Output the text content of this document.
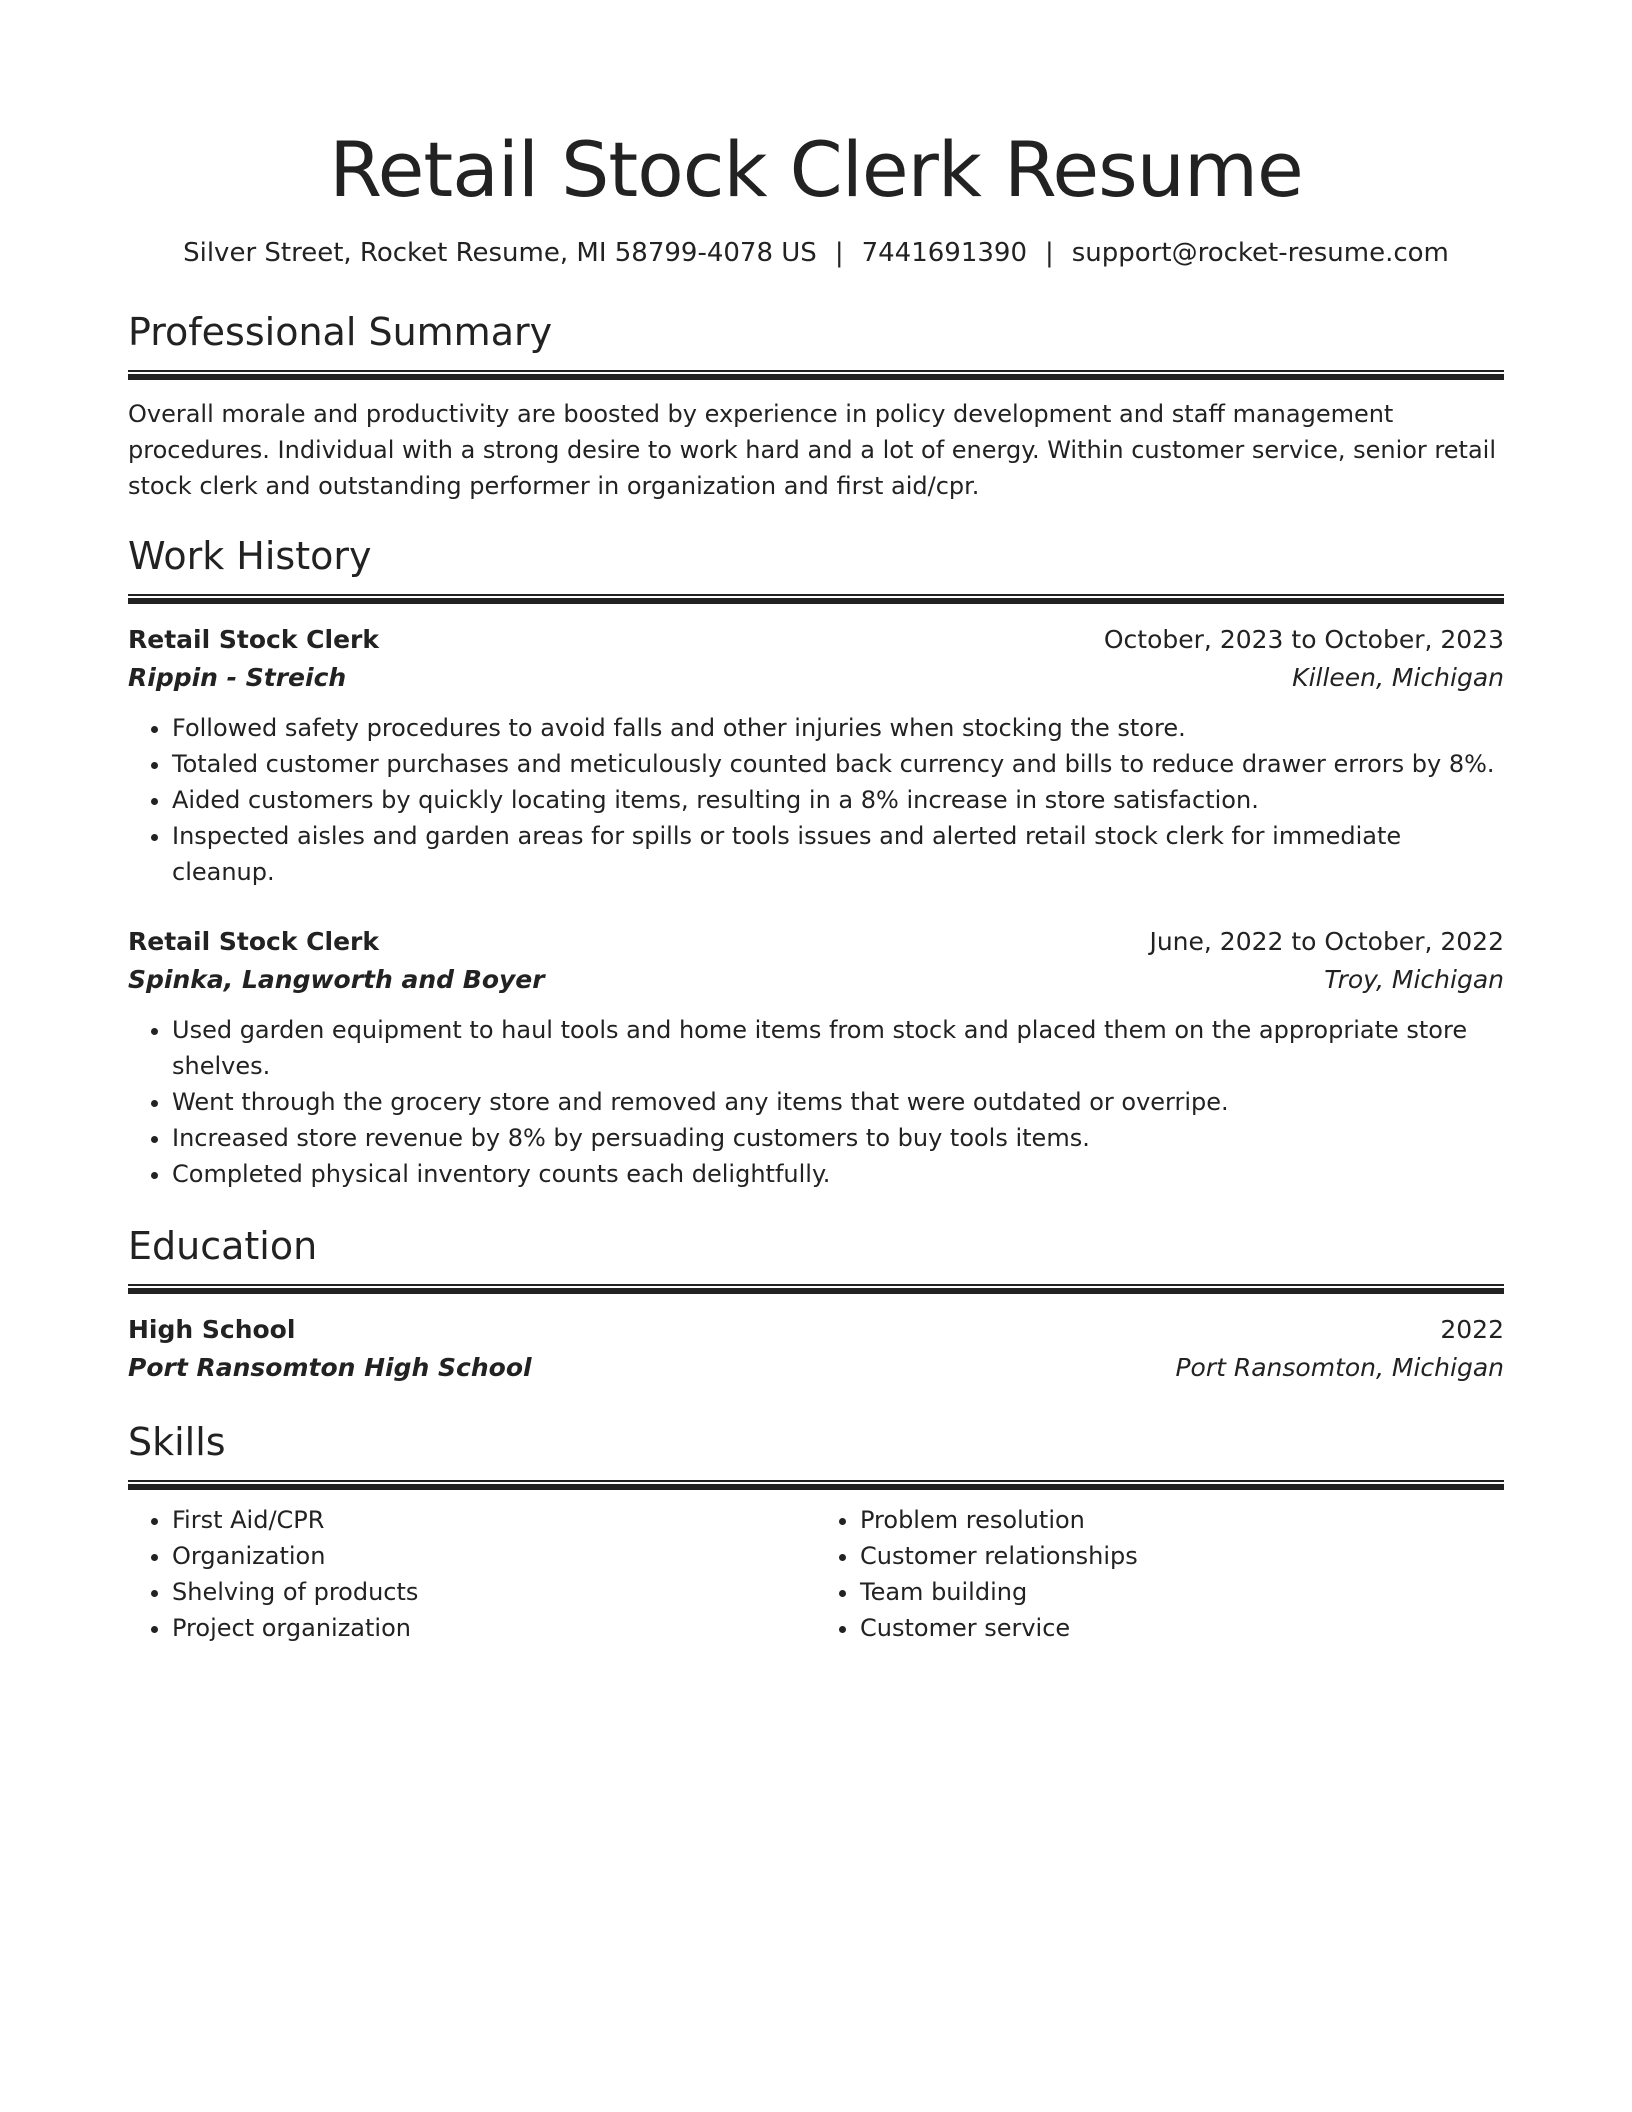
Retail Stock Clerk Resume
Silver Street, Rocket Resume, MI 58799-4078 US | 7441691390 | support@rocket-resume.com
Professional Summary
Overall morale and productivity are boosted by experience in policy development and staff management procedures. Individual with a strong desire to work hard and a lot of energy. Within customer service, senior retail stock clerk and outstanding performer in organization and first aid/cpr.
Work History
Retail Stock Clerk	October, 2023 to October, 2023
Rippin - Streich	Killeen, Michigan
• Followed safety procedures to avoid falls and other injuries when stocking the store.
• Totaled customer purchases and meticulously counted back currency and bills to reduce drawer errors by 8%.
• Aided customers by quickly locating items, resulting in a 8% increase in store satisfaction.
• Inspected aisles and garden areas for spills or tools issues and alerted retail stock clerk for immediate cleanup.
Retail Stock Clerk	June, 2022 to October, 2022
Spinka, Langworth and Boyer	Troy, Michigan
• Used garden equipment to haul tools and home items from stock and placed them on the appropriate store shelves.
• Went through the grocery store and removed any items that were outdated or overripe.
• Increased store revenue by 8% by persuading customers to buy tools items.
• Completed physical inventory counts each delightfully.
Education
High School	2022
Port Ransomton High School	Port Ransomton, Michigan
Skills
• First Aid/CPR
• Organization
• Shelving of products
• Project organization
• Problem resolution
• Customer relationships
• Team building
• Customer service
